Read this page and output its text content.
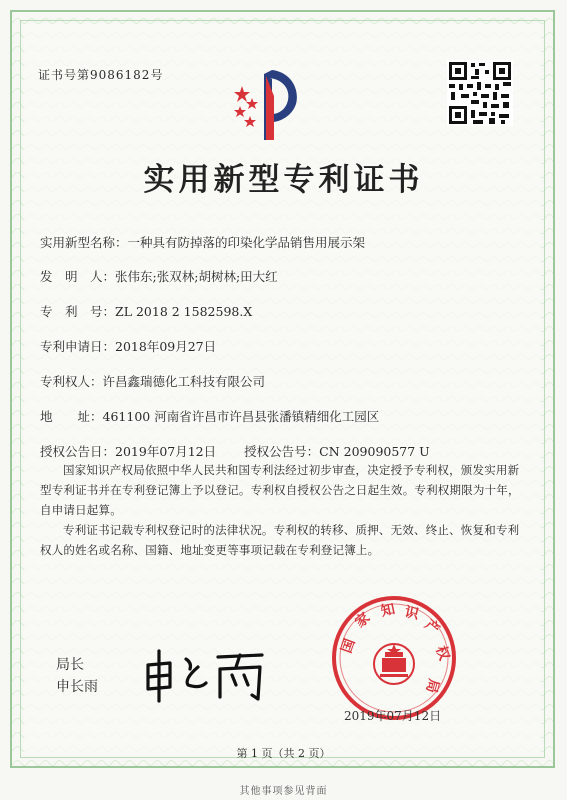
证书号第9086182号
实用新型专利证书
实用新型名称：一种具有防掉落的印染化学品销售用展示架
发　明　人：张伟东;张双林;胡树林;田大红
专　利　号：ZL 2018 2 1582598.X
专利申请日：2018年09月27日
专利权人：许昌鑫瑞德化工科技有限公司
地　　址：461100 河南省许昌市许昌县张潘镇精细化工园区
授权公告日：2019年07月12日 授权公告号：CN 209090577 U
国家知识产权局依照中华人民共和国专利法经过初步审查，决定授予专利权，颁发实用新型专利证书并在专利登记簿上予以登记。专利权自授权公告之日起生效。专利权期限为十年，自申请日起算。
专利证书记载专利权登记时的法律状况。专利权的转移、质押、无效、终止、恢复和专利权人的姓名或名称、国籍、地址变更等事项记载在专利登记簿上。
局长
申长雨
国
家 知 识
产
权
局
2019年07月12日
第 1 页（共 2 页）
其他事项参见背面
